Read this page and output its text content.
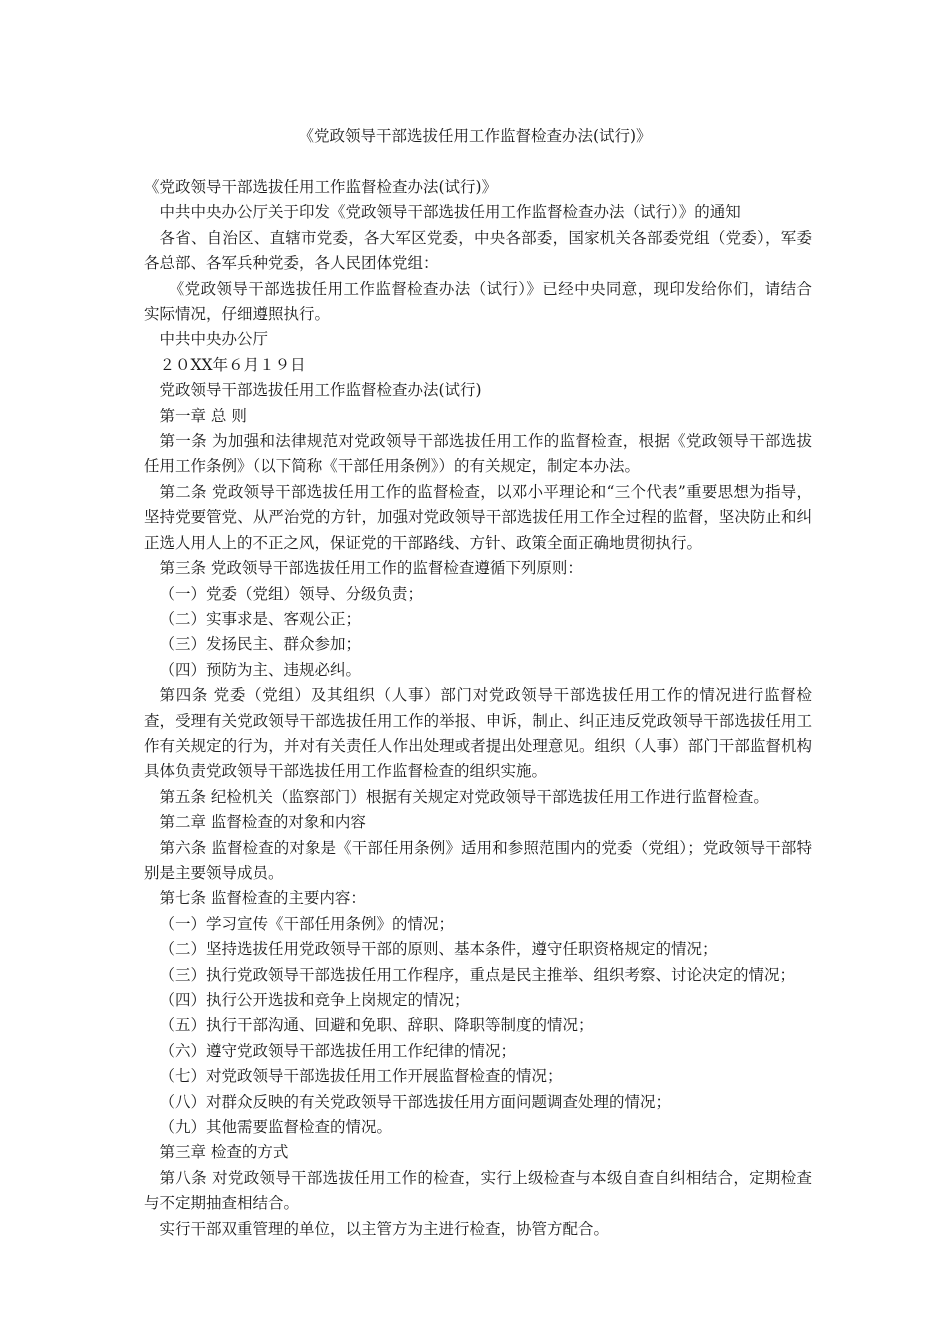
《党政领导干部选拔任用工作监督检查办法(试行)》

《党政领导干部选拔任用工作监督检查办法(试行)》

中共中央办公厅关于印发《党政领导干部选拔任用工作监督检查办法（试行）》的通知

各省、自治区、直辖市党委，各大军区党委，中央各部委，国家机关各部委党组（党委），军委各总部、各军兵种党委，各人民团体党组：

《党政领导干部选拔任用工作监督检查办法（试行）》已经中央同意，现印发给你们，请结合实际情况，仔细遵照执行。

中共中央办公厅

２０XX年６月１９日

党政领导干部选拔任用工作监督检查办法(试行)

第一章 总 则

第一条 为加强和法律规范对党政领导干部选拔任用工作的监督检查，根据《党政领导干部选拔任用工作条例》（以下简称《干部任用条例》）的有关规定，制定本办法。

第二条 党政领导干部选拔任用工作的监督检查，以邓小平理论和“三个代表”重要思想为指导，坚持党要管党、从严治党的方针，加强对党政领导干部选拔任用工作全过程的监督，坚决防止和纠正选人用人上的不正之风，保证党的干部路线、方针、政策全面正确地贯彻执行。

第三条 党政领导干部选拔任用工作的监督检查遵循下列原则：

（一）党委（党组）领导、分级负责；

（二）实事求是、客观公正；

（三）发扬民主、群众参加；

（四）预防为主、违规必纠。

第四条 党委（党组）及其组织（人事）部门对党政领导干部选拔任用工作的情况进行监督检查，受理有关党政领导干部选拔任用工作的举报、申诉，制止、纠正违反党政领导干部选拔任用工作有关规定的行为，并对有关责任人作出处理或者提出处理意见。组织（人事）部门干部监督机构具体负责党政领导干部选拔任用工作监督检查的组织实施。

第五条 纪检机关（监察部门）根据有关规定对党政领导干部选拔任用工作进行监督检查。

第二章 监督检查的对象和内容

第六条 监督检查的对象是《干部任用条例》适用和参照范围内的党委（党组）；党政领导干部特别是主要领导成员。

第七条 监督检查的主要内容：

（一）学习宣传《干部任用条例》的情况；

（二）坚持选拔任用党政领导干部的原则、基本条件，遵守任职资格规定的情况；

（三）执行党政领导干部选拔任用工作程序，重点是民主推举、组织考察、讨论决定的情况；

（四）执行公开选拔和竞争上岗规定的情况；

（五）执行干部沟通、回避和免职、辞职、降职等制度的情况；

（六）遵守党政领导干部选拔任用工作纪律的情况；

（七）对党政领导干部选拔任用工作开展监督检查的情况；

（八）对群众反映的有关党政领导干部选拔任用方面问题调查处理的情况；

（九）其他需要监督检查的情况。

第三章 检查的方式

第八条 对党政领导干部选拔任用工作的检查，实行上级检查与本级自查自纠相结合，定期检查与不定期抽查相结合。

实行干部双重管理的单位，以主管方为主进行检查，协管方配合。
